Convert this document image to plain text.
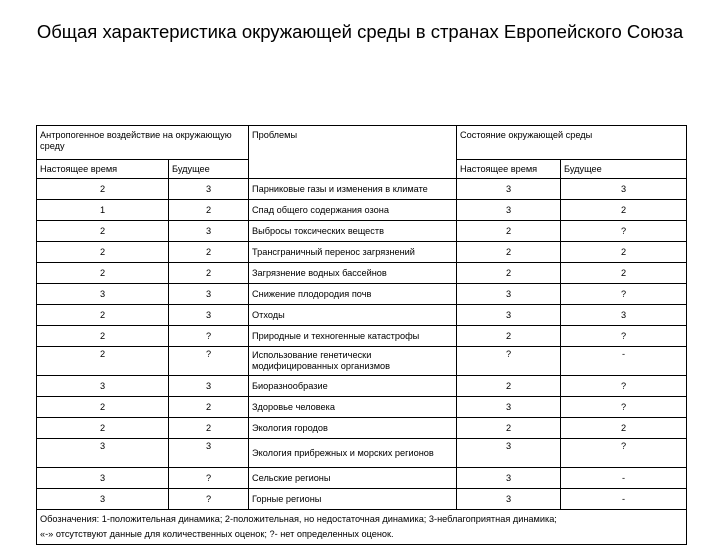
Общая характеристика окружающей среды в странах Европейского Союза
Антропогенное воздействие на окружающую среду		Проблемы	Состояние окружающей среды	
Настоящее время	Будущее		Настоящее время	Будущее
2	3	Парниковые газы и изменения в климате	3	3
1	2	Спад общего содержания озона	3	2
2	3	Выбросы токсических веществ	2	?
2	2	Трансграничный перенос загрязнений	2	2
2	2	Загрязнение водных бассейнов	2	2
3	3	Снижение плодородия почв	3	?
2	3	Отходы	3	3
2	?	Природные и техногенные катастрофы	2	?
2	?	Использование генетически модифицированных организмов	?	-
3	3	Биоразнообразие	2	?
2	2	Здоровье человека	3	?
2	2	Экология городов	2	2
3	3	Экология прибрежных и морских регионов	3	?
3	?	Сельские регионы	3	-
3	?	Горные регионы	3	-

Обозначения: 1-положительная динамика; 2-положительная, но недостаточная динамика; 3-неблагоприятная динамика;
«-» отсутствуют данные для количественных оценок; ?- нет определенных оценок.				
